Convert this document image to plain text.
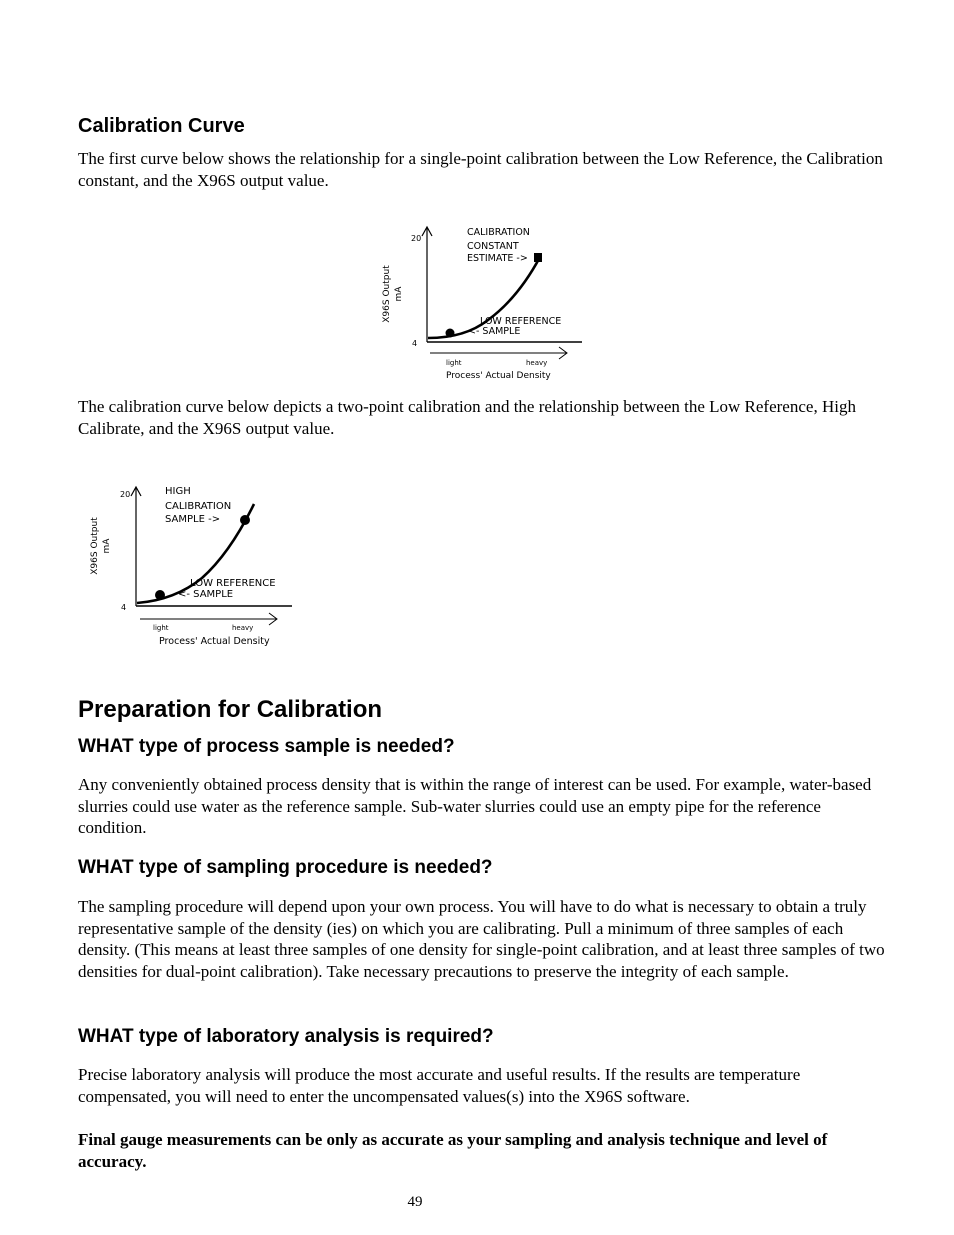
Calibration Curve

The first curve below shows the relationship for a single-point calibration between the Low Reference, the Calibration constant, and the X96S output value.

20
4
X96S Output mA
CALIBRATION
CONSTANT
ESTIMATE ->
LOW REFERENCE
<- SAMPLE
light	heavy
Process' Actual Density

The calibration curve below depicts a two-point calibration and the relationship between the Low Reference, High Calibrate, and the X96S output value.

20
4
X96S Output mA
HIGH
CALIBRATION
SAMPLE ->
LOW REFERENCE
<- SAMPLE
light	heavy
Process' Actual Density
Preparation for Calibration
WHAT type of process sample is needed?

Any conveniently obtained process density that is within the range of interest can be used. For example, water-based slurries could use water as the reference sample. Sub-water slurries could use an empty pipe for the reference condition.

WHAT type of sampling procedure is needed?

The sampling procedure will depend upon your own process. You will have to do what is necessary to obtain a truly representative sample of the density (ies) on which you are calibrating. Pull a minimum of three samples of each density. (This means at least three samples of one density for single-point calibration, and at least three samples of two densities for dual-point calibration). Take necessary precautions to preserve the integrity of each sample.

WHAT type of laboratory analysis is required?

Precise laboratory analysis will produce the most accurate and useful results. If the results are temperature compensated, you will need to enter the uncompensated values(s) into the X96S software.

Final gauge measurements can be only as accurate as your sampling and analysis technique and level of accuracy.

49
